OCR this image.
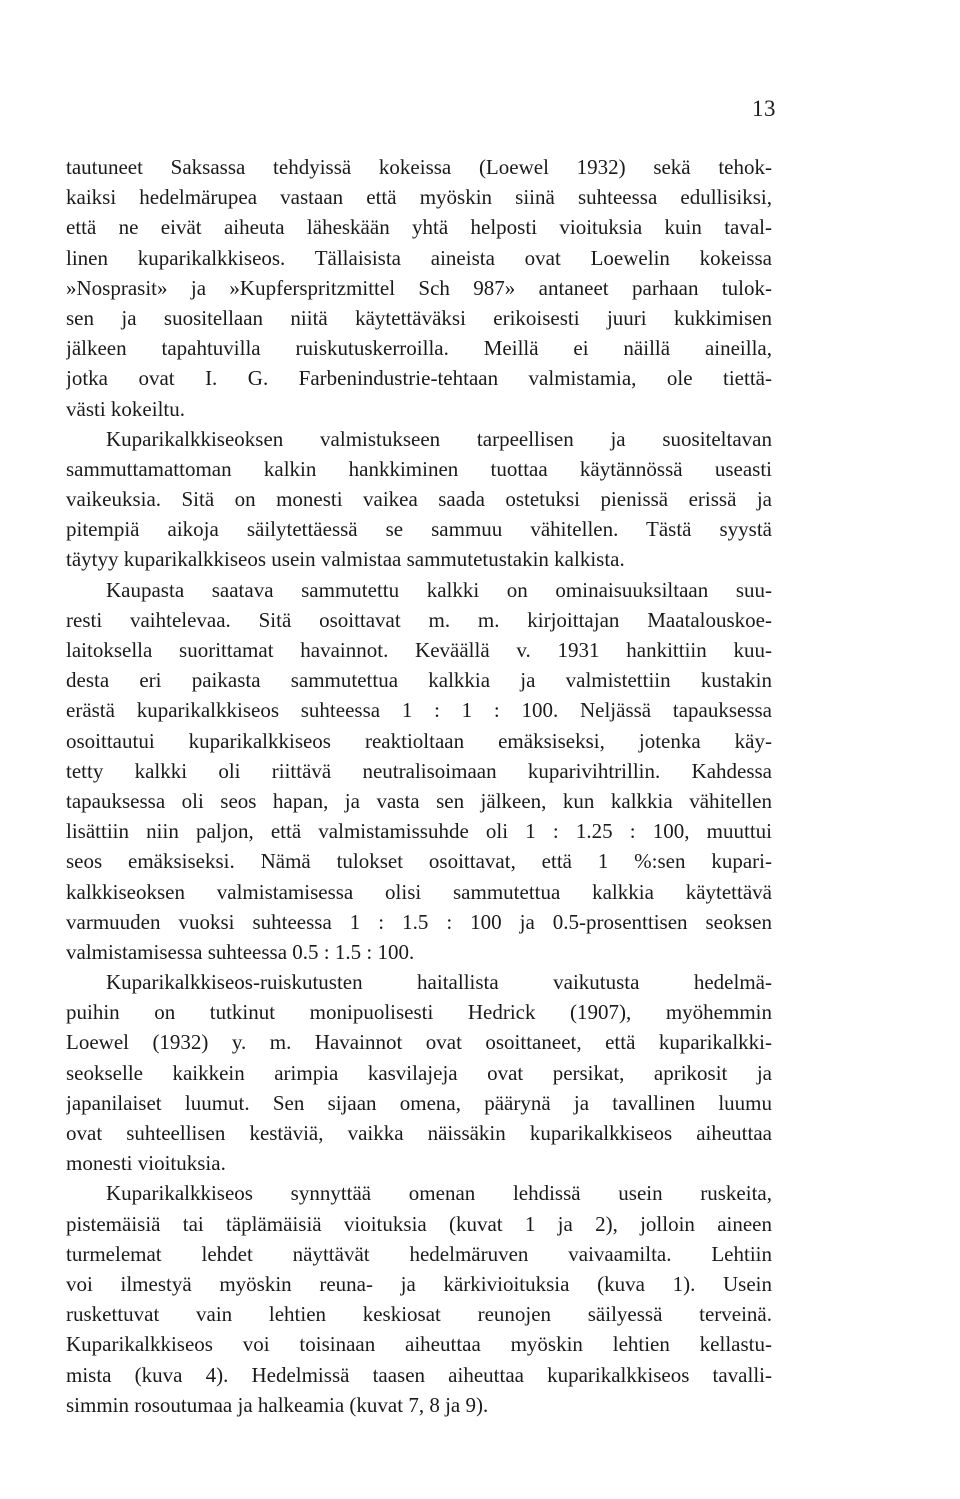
13
tautuneet Saksassa tehdyissä kokeissa (Loewel 1932) sekä tehok-
kaiksi hedelmärupea vastaan että myöskin siinä suhteessa edullisiksi,
että ne eivät aiheuta läheskään yhtä helposti vioituksia kuin taval-
linen kuparikalkkiseos. Tällaisista aineista ovat Loewelin kokeissa
»Nosprasit» ja »Kupferspritzmittel Sch 987» antaneet parhaan tulok-
sen ja suositellaan niitä käytettäväksi erikoisesti juuri kukkimisen
jälkeen tapahtuvilla ruiskutuskerroilla. Meillä ei näillä aineilla,
jotka ovat I. G. Farbenindustrie-tehtaan valmistamia, ole tiettä-
västi kokeiltu.
Kuparikalkkiseoksen valmistukseen tarpeellisen ja suositeltavan
sammuttamattoman kalkin hankkiminen tuottaa käytännössä useasti
vaikeuksia. Sitä on monesti vaikea saada ostetuksi pienissä erissä ja
pitempiä aikoja säilytettäessä se sammuu vähitellen. Tästä syystä
täytyy kuparikalkkiseos usein valmistaa sammutetustakin kalkista.
Kaupasta saatava sammutettu kalkki on ominaisuuksiltaan suu-
resti vaihtelevaa. Sitä osoittavat m. m. kirjoittajan Maatalouskoe-
laitoksella suorittamat havainnot. Keväällä v. 1931 hankittiin kuu-
desta eri paikasta sammutettua kalkkia ja valmistettiin kustakin
erästä kuparikalkkiseos suhteessa 1 : 1 : 100. Neljässä tapauksessa
osoittautui kuparikalkkiseos reaktioltaan emäksiseksi, jotenka käy-
tetty kalkki oli riittävä neutralisoimaan kuparivihtrillin. Kahdessa
tapauksessa oli seos hapan, ja vasta sen jälkeen, kun kalkkia vähitellen
lisättiin niin paljon, että valmistamissuhde oli 1 : 1.25 : 100, muuttui
seos emäksiseksi. Nämä tulokset osoittavat, että 1 %:sen kupari-
kalkkiseoksen valmistamisessa olisi sammutettua kalkkia käytettävä
varmuuden vuoksi suhteessa 1 : 1.5 : 100 ja 0.5-prosenttisen seoksen
valmistamisessa suhteessa 0.5 : 1.5 : 100.
Kuparikalkkiseos-ruiskutusten haitallista vaikutusta hedelmä-
puihin on tutkinut monipuolisesti Hedrick (1907), myöhemmin
Loewel (1932) y. m. Havainnot ovat osoittaneet, että kuparikalkki-
seokselle kaikkein arimpia kasvilajeja ovat persikat, aprikosit ja
japanilaiset luumut. Sen sijaan omena, päärynä ja tavallinen luumu
ovat suhteellisen kestäviä, vaikka näissäkin kuparikalkkiseos aiheuttaa
monesti vioituksia.
Kuparikalkkiseos synnyttää omenan lehdissä usein ruskeita,
pistemäisiä tai täplämäisiä vioituksia (kuvat 1 ja 2), jolloin aineen
turmelemat lehdet näyttävät hedelmäruven vaivaamilta. Lehtiin
voi ilmestyä myöskin reuna- ja kärkivioituksia (kuva 1). Usein
ruskettuvat vain lehtien keskiosat reunojen säilyessä terveinä.
Kuparikalkkiseos voi toisinaan aiheuttaa myöskin lehtien kellastu-
mista (kuva 4). Hedelmissä taasen aiheuttaa kuparikalkkiseos tavalli-
simmin rosoutumaa ja halkeamia (kuvat 7, 8 ja 9).
